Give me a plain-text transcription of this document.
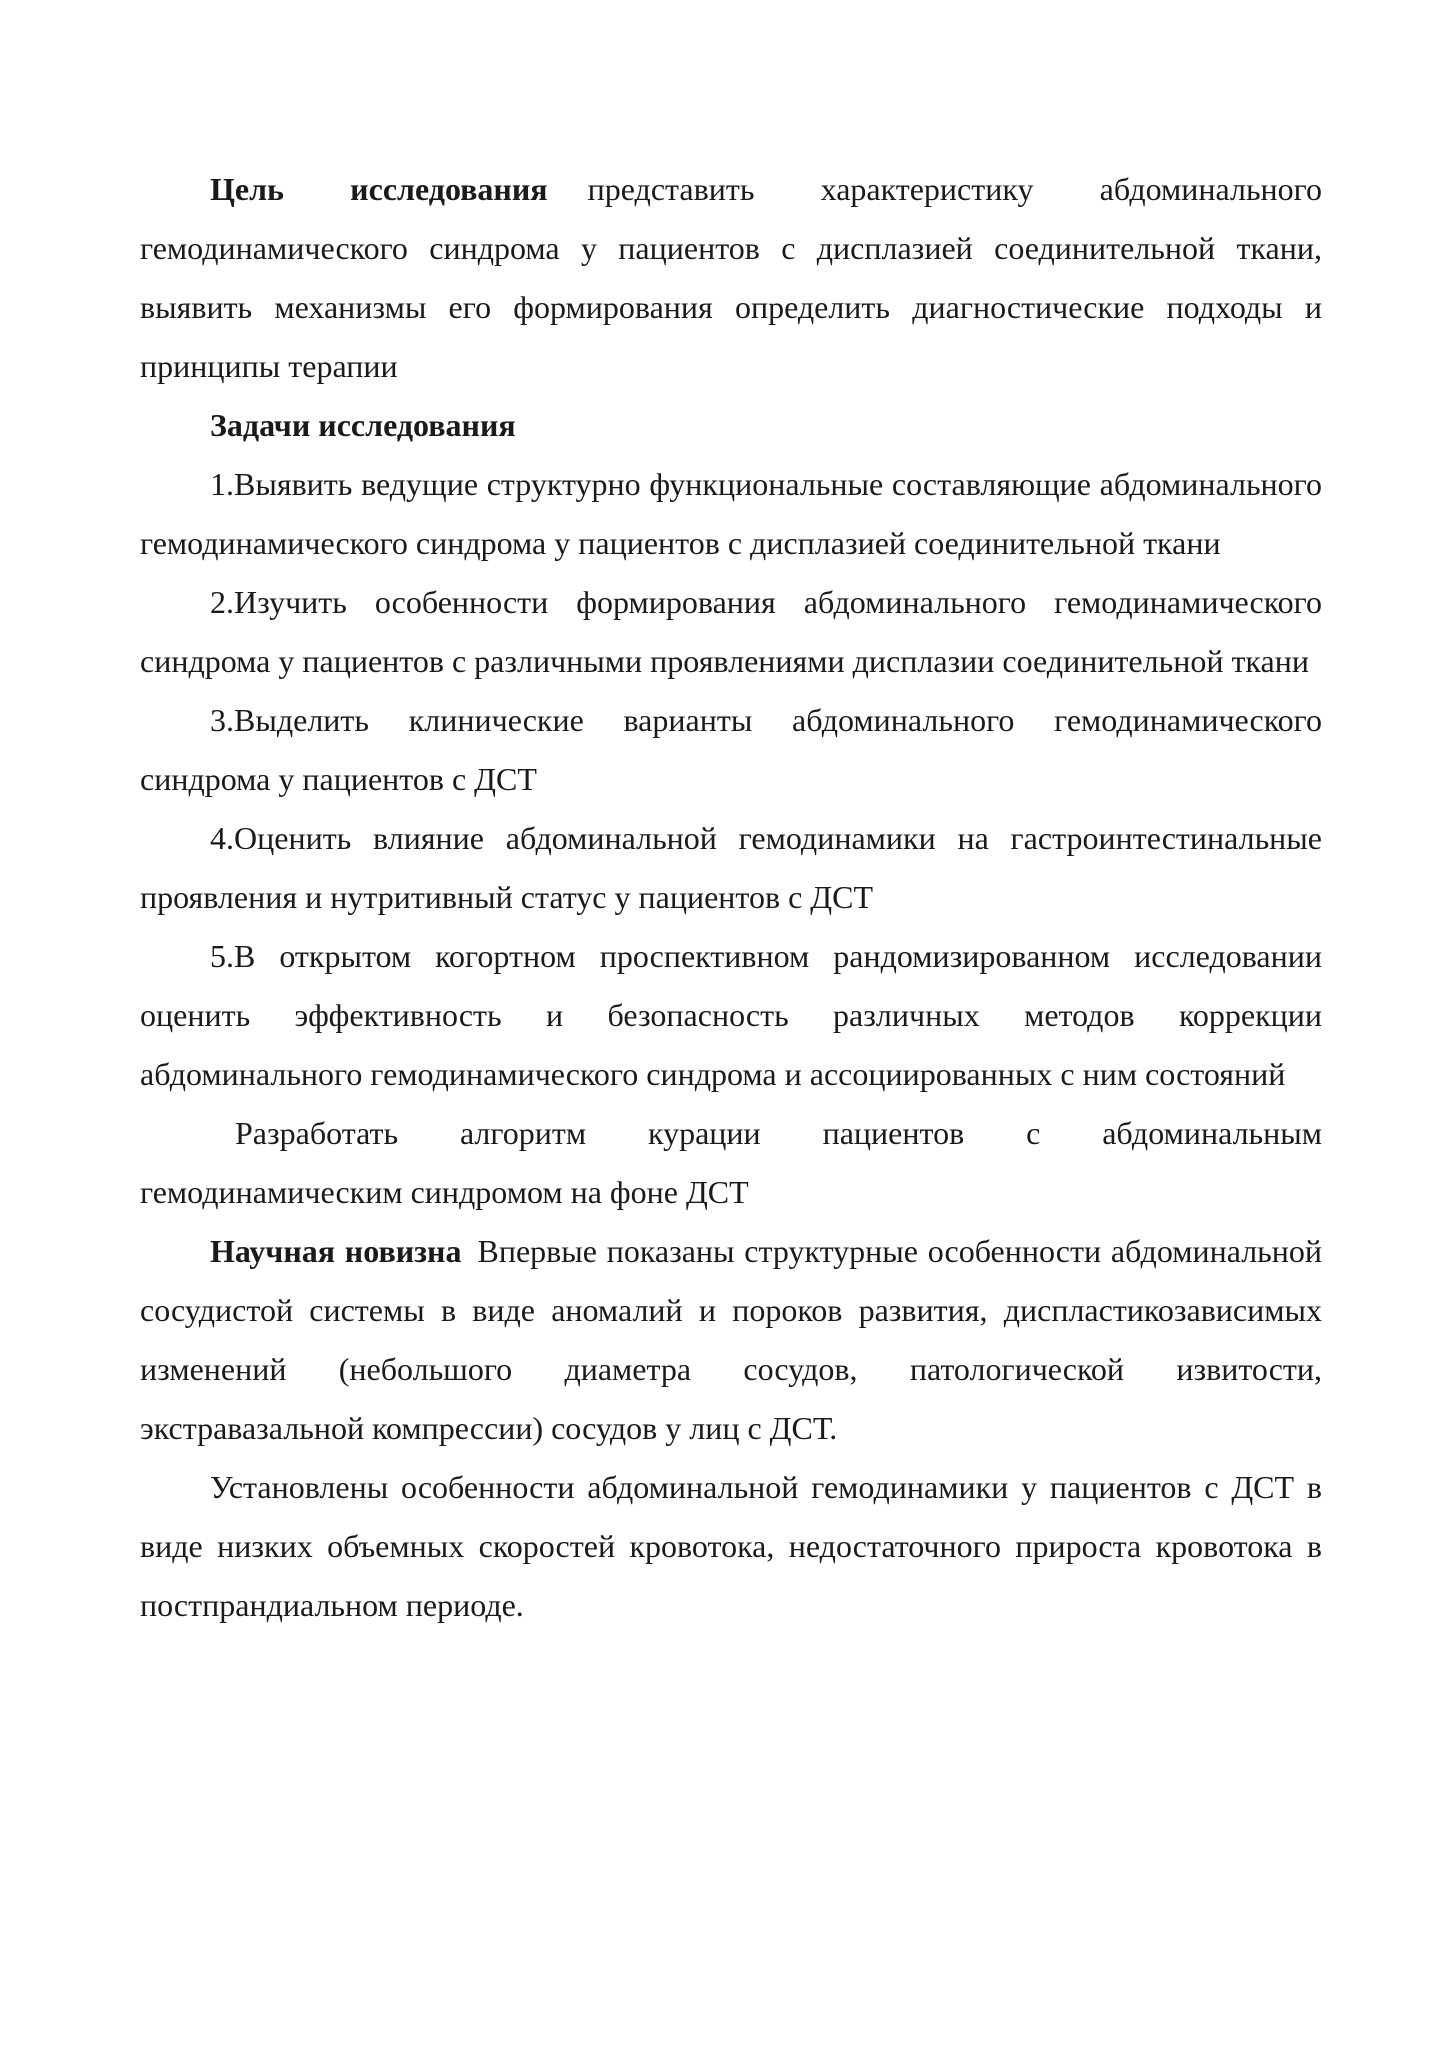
Цель исследования представить характеристику абдоминального гемодинамического синдрома у пациентов с дисплазией соединительной ткани, выявить механизмы его формирования определить диагностические подходы и принципы терапии

Задачи исследования

1.Выявить ведущие структурно функциональные составляющие абдоминального гемодинамического синдрома у пациентов с дисплазией соединительной ткани

2.Изучить особенности формирования абдоминального гемодинамического синдрома у пациентов с различными проявлениями дисплазии соединительной ткани

3.Выделить клинические варианты абдоминального гемодинамического синдрома у пациентов с ДСТ

4.Оценить влияние абдоминальной гемодинамики на гастроинтестинальные проявления и нутритивный статус у пациентов с ДСТ

5.В открытом когортном проспективном рандомизированном исследовании оценить эффективность и безопасность различных методов коррекции абдоминального гемодинамического синдрома и ассоциированных с ним состояний

Разработать алгоритм курации пациентов с абдоминальным гемодинамическим синдромом на фоне ДСТ

Научная новизна Впервые показаны структурные особенности абдоминальной сосудистой системы в виде аномалий и пороков развития, диспластикозависимых изменений (небольшого диаметра сосудов, патологической извитости, экстравазальной компрессии) сосудов у лиц с ДСТ.

Установлены особенности абдоминальной гемодинамики у пациентов с ДСТ в виде низких объемных скоростей кровотока, недостаточного прироста кровотока в постпрандиальном периоде.
